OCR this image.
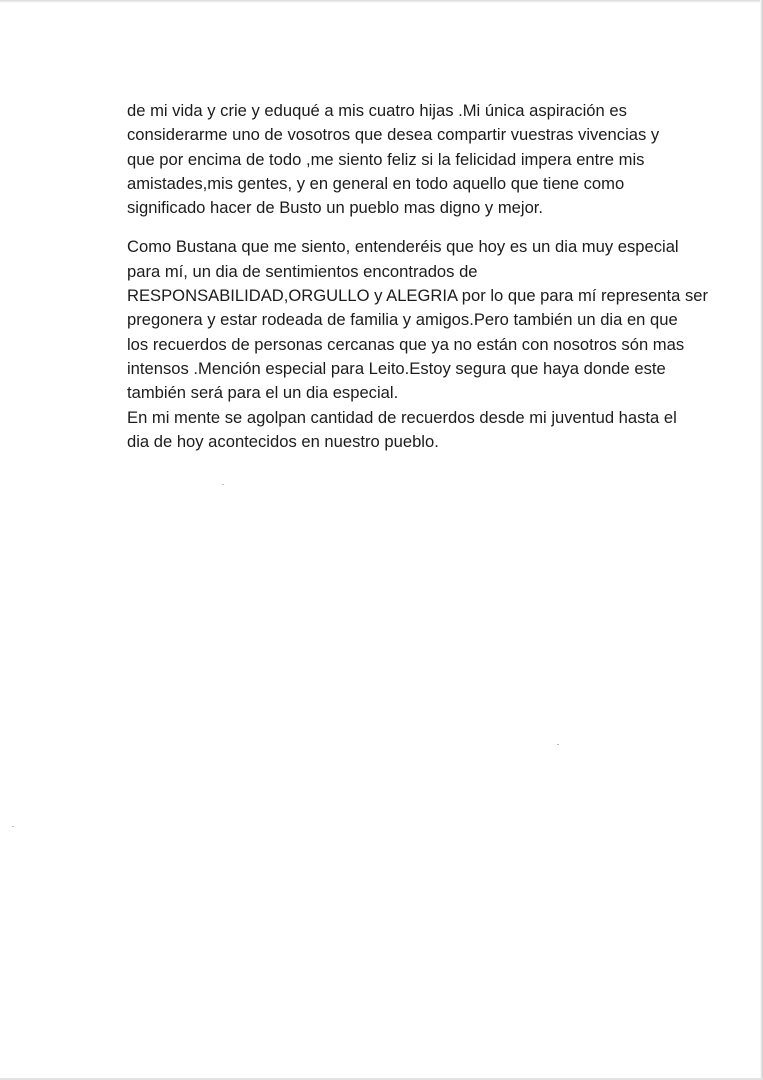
de mi vida y crie y eduqué a mis cuatro hijas .Mi única aspiración es
considerarme uno de vosotros que desea compartir vuestras vivencias y
que por encima de todo ,me siento feliz si la felicidad impera entre mis
amistades,mis gentes, y en general en todo aquello que tiene como
significado hacer de Busto un pueblo mas digno y mejor.

Como Bustana que me siento, entenderéis que hoy es un dia muy especial
para mí, un dia de sentimientos encontrados de
RESPONSABILIDAD,ORGULLO y ALEGRIA por lo que para mí representa ser
pregonera y estar rodeada de familia y amigos.Pero también un dia en que
los recuerdos de personas cercanas que ya no están con nosotros són mas
intensos .Mención especial para Leito.Estoy segura que haya donde este
también será para el un dia especial.
En mi mente se agolpan cantidad de recuerdos desde mi juventud hasta el
dia de hoy acontecidos en nuestro pueblo.
